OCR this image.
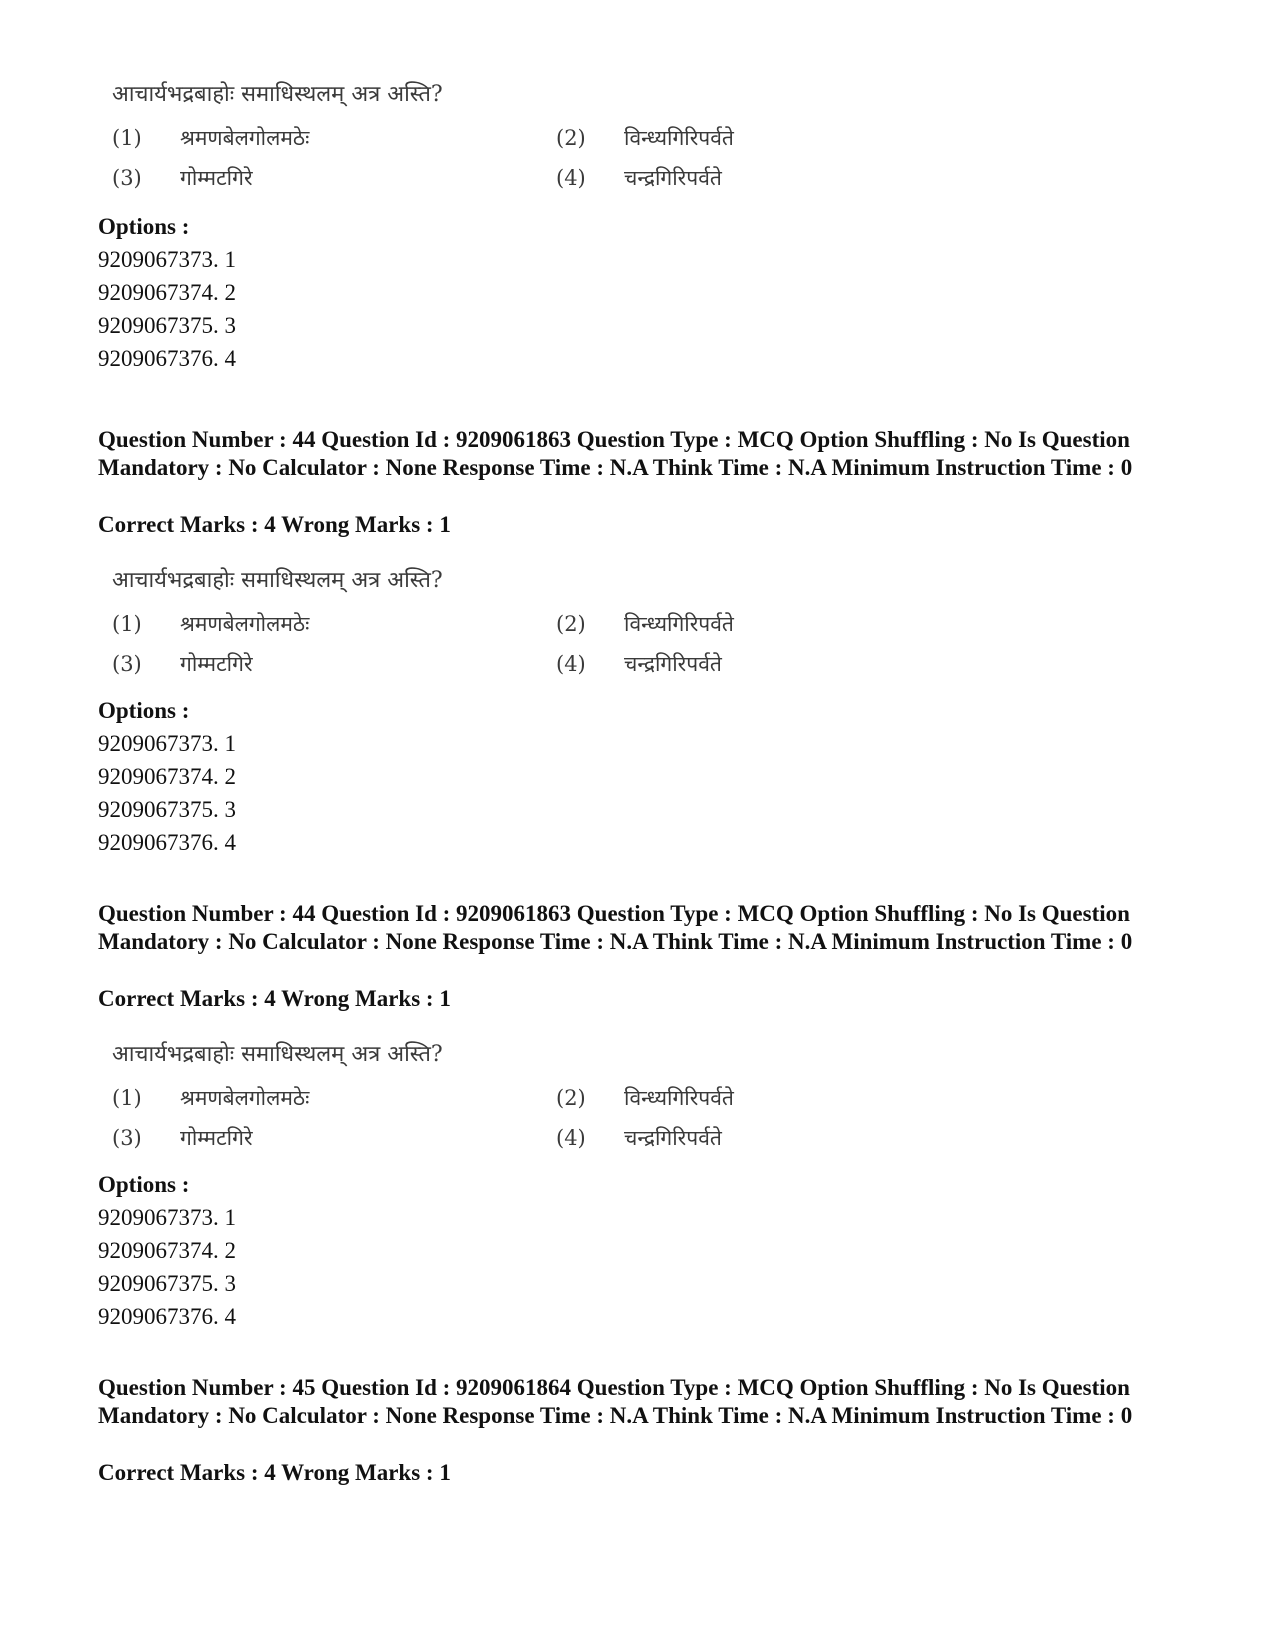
आचार्यभद्रबाहोः समाधिस्थलम् अत्र अस्ति?
(1) श्रमणबेलगोलमठेः	(2) विन्ध्यगिरिपर्वते
(3) गोम्मटगिरे	(4) चन्द्रगिरिपर्वते
Options :
9209067373. 1
9209067374. 2
9209067375. 3
9209067376. 4
Question Number : 44 Question Id : 9209061863 Question Type : MCQ Option Shuffling : No Is Question Mandatory : No Calculator : None Response Time : N.A Think Time : N.A Minimum Instruction Time : 0
Correct Marks : 4 Wrong Marks : 1
आचार्यभद्रबाहोः समाधिस्थलम् अत्र अस्ति?
(1) श्रमणबेलगोलमठेः	(2) विन्ध्यगिरिपर्वते
(3) गोम्मटगिरे	(4) चन्द्रगिरिपर्वते
Options :
9209067373. 1
9209067374. 2
9209067375. 3
9209067376. 4
Question Number : 44 Question Id : 9209061863 Question Type : MCQ Option Shuffling : No Is Question Mandatory : No Calculator : None Response Time : N.A Think Time : N.A Minimum Instruction Time : 0
Correct Marks : 4 Wrong Marks : 1
आचार्यभद्रबाहोः समाधिस्थलम् अत्र अस्ति?
(1) श्रमणबेलगोलमठेः	(2) विन्ध्यगिरिपर्वते
(3) गोम्मटगिरे	(4) चन्द्रगिरिपर्वते
Options :
9209067373. 1
9209067374. 2
9209067375. 3
9209067376. 4
Question Number : 45 Question Id : 9209061864 Question Type : MCQ Option Shuffling : No Is Question Mandatory : No Calculator : None Response Time : N.A Think Time : N.A Minimum Instruction Time : 0
Correct Marks : 4 Wrong Marks : 1
